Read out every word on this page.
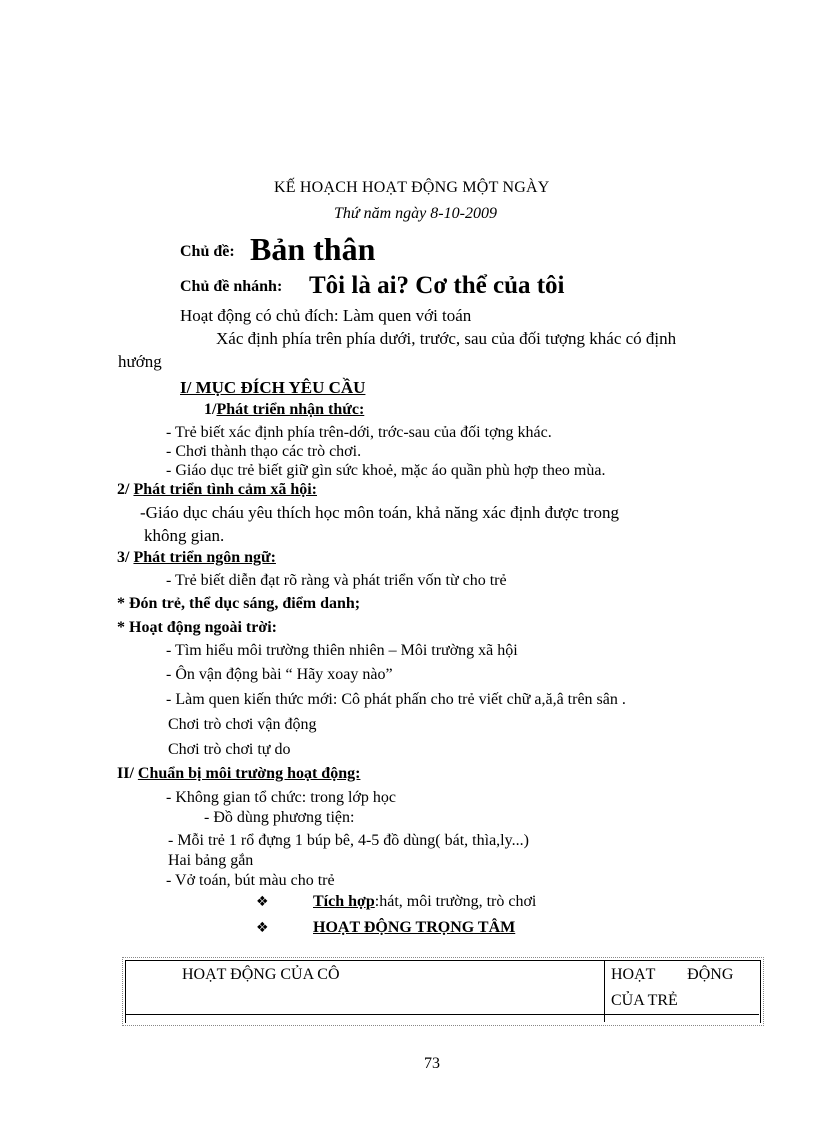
KẾ HOẠCH HOẠT ĐỘNG MỘT NGÀY
Thứ năm ngày 8-10-2009
Chủ đề: Bản thân
Chủ đề nhánh: Tôi là ai? Cơ thể của tôi
Hoạt động có chủ đích: Làm quen với toán
Xác định phía trên phía dưới, trước, sau của đối tượng khác có định
hướng
I/ MỤC ĐÍCH YÊU CẦU
1/Phát triển nhận thức:
- Trẻ biết xác định phía trên-dới, trớc-sau của đối tợng khác.
- Chơi thành thạo các trò chơi.
- Giáo dục trẻ biết giữ gìn sức khoẻ, mặc áo quần phù hợp theo mùa.
2/ Phát triển tình cảm xã hội:
-Giáo dục cháu yêu thích học môn toán, khả năng xác định được trong
không gian.
3/ Phát triển ngôn ngữ:
- Trẻ biết diễn đạt rõ ràng và phát triển vốn từ cho trẻ
* Đón trẻ, thể dục sáng, điểm danh;
* Hoạt động ngoài trời:
- Tìm hiểu môi trường thiên nhiên – Môi trường xã hội
- Ôn vận động bài “ Hãy xoay nào”
- Làm quen kiến thức mới: Cô phát phấn cho trẻ viết chữ a,ă,â trên sân .
Chơi trò chơi vận động
Chơi trò chơi tự do
II/ Chuẩn bị môi trường hoạt động:
- Không gian tổ chức: trong lớp học
- Đồ dùng phương tiện:
- Mỗi trẻ 1 rổ đựng 1 búp bê, 4-5 đồ dùng( bát, thìa,ly...)
Hai bảng gắn
- Vở toán, bút màu cho trẻ
❖	Tích hợp:hát, môi trường, trò chơi
❖	HOẠT ĐỘNG TRỌNG TÂM
HOẠT ĐỘNG CỦA CÔ	HOẠT        ĐỘNG
CỦA TRẺ
73
